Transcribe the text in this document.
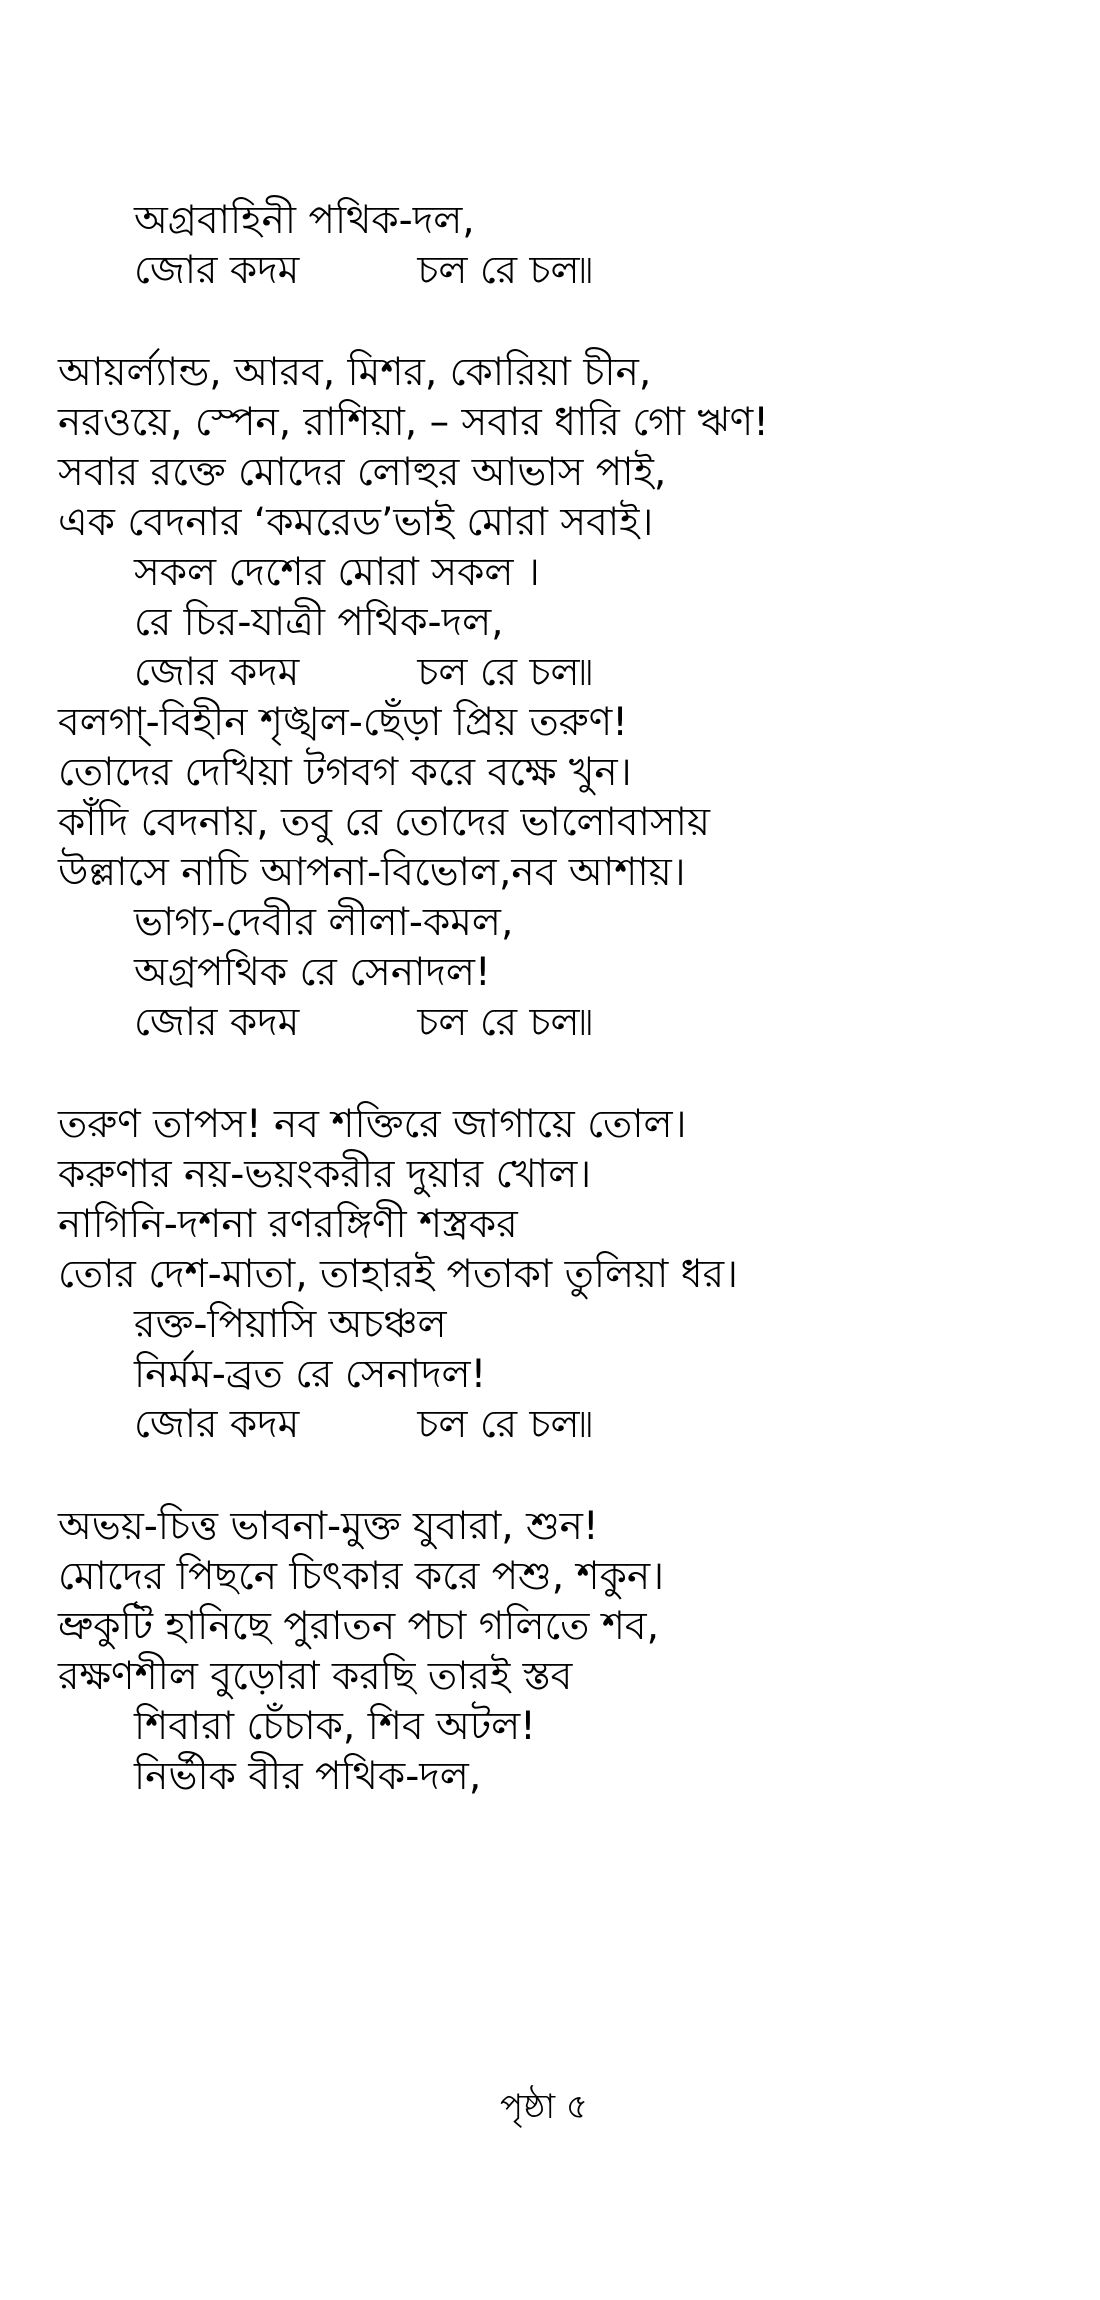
অগ্রবাহিনী পথিক-দল,
জোর কদম	চল রে চল৷৷
আয়র্ল্যান্ড, আরব, মিশর, কোরিয়া চীন,
নরওয়ে, স্পেন, রাশিয়া, – সবার ধারি গো ঋণ!
সবার রক্তে মোদের লোহুর আভাস পাই,
এক বেদনার ‘কমরেড’ভাই মোরা সবাই।
সকল দেশের মোরা সকল ।
রে চির-যাত্রী পথিক-দল,
জোর কদম	চল রে চল৷৷
বলগা্-বিহীন শৃঙ্খল-ছেঁড়া প্রিয় তরুণ!
তোদের দেখিয়া টগবগ করে বক্ষে খুন।
কাঁদি বেদনায়, তবু রে তোদের ভালোবাসায়
উল্লাসে নাচি আপনা-বিভোল,নব আশায়।
ভাগ্য-দেবীর লীলা-কমল,
অগ্রপথিক রে সেনাদল!
জোর কদম	চল রে চল৷৷
তরুণ তাপস! নব শক্তিরে জাগায়ে তোল।
করুণার নয়-ভয়ংকরীর দুয়ার খোল।
নাগিনি-দশনা রণরঙ্গিণী শস্ত্রকর
তোর দেশ-মাতা, তাহারই পতাকা তুলিয়া ধর।
রক্ত-পিয়াসি অচঞ্চল
নির্মম-ব্রত রে সেনাদল!
জোর কদম	চল রে চল৷৷
অভয়-চিত্ত ভাবনা-মুক্ত যুবারা, শুন!
মোদের পিছনে চিৎকার করে পশু, শকুন।
ভ্রুকুটি হানিছে পুরাতন পচা গলিতে শব,
রক্ষণশীল বুড়োরা করছি তারই স্তব
শিবারা চেঁচাক, শিব অটল!
নির্ভীক বীর পথিক-দল,
পৃষ্ঠা ৫
